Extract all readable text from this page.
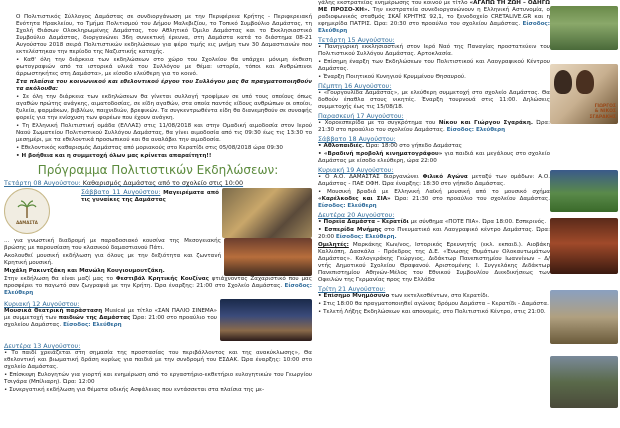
Ο Πολιτιστικός Σύλλογος Δαμάστας σε συνδιοργάνωση με την Περιφέρεια Κρήτης - Περιφερειακή Ενότητα Ηρακλείου, το Τμήμα Πολιτισμού του Δήμου Μαλεβιζίου, το Τοπικό Συμβούλιο Δαμάστας, τη Σχολή Θιάσων Ολοκληρωμένης Δαμάστας, τον Αθλητικό Όμιλο Δαμάστας και το Εκκλησιαστικό Συμβούλιο Δαμάστας, διοργανώνει 36η συνεκτική έρευνα, στη Δαμάστα κατά το διάστημα 08-21 Αυγούστου 2018 σειρά Πολιτιστικών εκδηλώσεων για φέρο τιμής εις μνήμη των 30 Δαμαστιανών που εκτελέστηκαν την περίοδο της Ναζιστικής κατοχής.

• Καθ' όλη την διάρκεια των εκδηλώσεων στο χώρο του Σχολείου θα υπάρχει μόνιμη έκθεση φωτογραφιών από τα ιστορικά υλικά του Συλλόγου με θέμα: ιστορία, τόποι και Ανθρώπινοι άρρωστηκήτες στη Δαμάστα», με είσοδο ελεύθερη για το κοινό.

Στα πλαίσια του κοινωνικού και εθελοντικού έργου του Συλλόγου μας θα πραγματοποιηθούν τα ακόλουθα:

• Σε όλη την διάρκεια των εκδηλώσεων θα γίνεται συλλογή τροφίμων σε υπό τους οποίους όπως αγαθών πρώτης ανάγκης, αιματοδοσίας, σε είδη αγαθών, στα οποία παντός είδους ανθρώπων οι οποίοι, ξυλεία, φαρμάκων, βιβλίων, παιχνιδιών, βρεφικών. Τα συγκεντρωθέντα είδη θα διανεμηθούν σε συναφής φορείς για την ενίσχυση των φορέων που έχουν ανάγκη.

• Τη Ελληνική Πολιτιστική ομάδα (ΕΛΛΑΣ) στις 11/08/2018 και στην Ομαδική αιμοδοσία στον Ιερού Ναού Σωματείου Πολιτιστικού Συλλόγου Δαμάστας, θα γίνει αιμοδοσία από τις 09:30 έως τις 13:30 το μεσημέρι, με τα εθελοντικά προσωπικού και θα αναλάβει την αιμοδοσία.

• Εθελοντικός καθαρισμός Δαμάστας από μοριακούς στο Κερατίδι στις 05/08/2018 ώρα 09:30

• Η βοήθεια και η συμμετοχή όλων μας κρίνεται απαραίτητη!!

Πρόγραμμα Πολιτιστικών Εκδηλώσεων:
Τετάρτη 08 Αυγούστου: Καθαρισμός Δαμάστας από το σχολείο στις 10:00
ΔΑΜΑΣΤΑ

Σάββατο 11 Αυγούστου: Μαγειρέματα από τις γυναίκες της Δαμάστας

... για γνωστική διαδρομή με παραδοσιακό κουσίνα της Μεσογειακής βρώσης με παρουσίαση του κλασικού δαμαστιανού Πάτι.

Ακολουθεί μουσική εκδήλωση για όλους με την δεξιότητα και ζωντανή Κρητική μουσική.

Μιχάλη Ρακιντζάκη και Μανώλη Κουγιουμουτζάκη.

Στην εκδήλωση θα είναι μαζί μας το Φεστιβάλ Κρητικής Κουζίνας φτιάχνοντας Ζαχαριστικό που μας προσφέρει το παγωτό σαν ζωγραφιά με την Κρήτη. Ώρα έναρξης: 21:00 στο Σχολείο Δαμάστας. Είσοδος: Ελεύθερη

Κυριακή 12 Αυγούστου:

Μουσικά Θεατρική παράσταση Musical με τίτλο «ΣΑΝ ΠΑΛΙΟ ΣΙΝΕΜΑ» με συμμετοχή των παιδιών της Δαμάστας Ώρα: 21:00 στο προαύλιο του σχολείου Δαμάστας. Είσοδος: Ελεύθερη

Δευτέρα 13 Αυγούστου:

• Το παιδί χρειάζεται στη σημασία της προστασίας του περιβάλλοντος και της ανακύκλωσης», Θα εθελοντική και βιωματική δράση κυρίως για παιδιά με την συνδρομή του ΕΣΔΑΚ. Ώρα έναρξης: 10:00 στο σχολείο Δαμάστας.

• Επίσκεψη Ευλογητών για γιορτή και ενημέρωση από το εργαστήριο-εκθετήριο ευλογητικών του Γεωργίου Τσιγάρα (Μπίλιαρη). Ώρα: 12:00

• Συνεργατική εκδήλωση για θέματα οδικής Ασφάλειας που εντάσσεται στα πλαίσια της με-

γάλης εκστρατείας ενημέρωσης του κοινού με τίτλο «ΑΓΑΠΩ ΤΗ ΖΩΗ – ΟΔΗΓΩ ΜΕ ΠΡΟΣΟ-ΧΗ». Την εκστρατεία συνεδιοργανώνουν η Ελληνική Αστυνομία, ο ραδιοφωνικός σταθμός ΣΚΑΪ ΚΡΗΤΗΣ 92,1, το ξενοδοχείο CRETALIVE.GR και η εφημερίδα ΠΑΤΡΙΣ. Ώρα: 20:30 στο προαύλιο του σχολείου Δαμάστας. Είσοδος: Ελεύθερη

Τετάρτη 15 Αυγούστου:

• Πανηγυρική εκκλησιαστική στον Ιερό Ναό της Παναγίας προστατεύειν του Πολιτιστικού Συλλόγου Δαμάστας. Αρτοκλασία.

• Επίσημη έναρξη των Εκδηλώσεων του Πολιτιστικού και Λαογραφικού Κέντρου Δαμάστας.

• Έναρξη Ποιητικού Κυνηγιού Κρυμμένου Θησαυρού.

Πέμπτη 16 Αυγούστου:

• «Γουργουλίδα Δαμάστας», με ελεύθερη συμμετοχή στο σχολείο Δαμάστας. Θα δοθούν έπαθλα στους νικητές. Έναρξη τουρνουά στις 11:00. Δηλώσεις συμμετοχής έως τις 15/08/18.

Παρασκευή 17 Αυγούστου:

• Χοροεσπερίδα με το συγκρότημα του Νίκου και Γιώργου Σγαράκη. Ώρα: 21:30 στο προαύλιο του σχολείου Δαμάστας. Είσοδος: Ελεύθερη

Σάββατο 18 Αυγούστου:

• Αθλοπαιδιές. Ώρα: 18:00 στο γήπεδο Δαμάστας

• «Βραδινή προβολή κινηματογράφου» για παιδιά και μεγάλους στο σχολείο Δαμάστας με είσοδο ελεύθερη, ώρα 22:00

Κυριακή 19 Αυγούστου:

• Ο Α.Ο. ΔΑΜΑΣΤΑΣ διοργανώνει Φιλικό Αγώνα μεταξύ των ομάδων: Α.Ο. Δαμάστας - ΠΑΕ ΟΦΗ. Ώρα έναρξης: 18:30 στο γήπεδο Δαμάστας.

• Μουσική βραδιά με Ελληνική Λαϊκή μουσική από το μουσικό σχήμα «Καρέλκοδες και ΣΙΑ» Ώρα: 21:30 στο προαύλιο του σχολείου Δαμάστας. Είσοδος: Ελεύθερη

Δευτέρα 20 Αυγούστου:

• Πορεία Δαμάστα – Κερατίδι με σύνθημα «ΠΟΤΕ ΠΙΑ». Ώρα 18:00. Εσπερινός.

• Εσπερίδα Μνήμης στο Πνευματικό και Λαογραφικό κέντρο Δαμάστας. Ώρα: 20:00 Είσοδος: Ελεύθερη.

Ομιλητές: Μαρκάκης Κων/νος, Ιστορικός Ερευνητής (εκλ. εκπαιδ.). Αιοβάκη Καλλιόπη, Δασκάλα · Πρόεδρος της Δ.Ε. «Ένωσης Θυμάτων Ολοκαυτωμάτων Δαμάστας». Καλογεράκης Γεώργιος, Διδάκτωρ Πανεπιστημίου Ιωαννίνων – Δ/ντής Δημοτικού Σχολείου Θραψανού. Αριστομένης Ι. Συγγελάκης Διδάκτωρ Πανεπιστημίου Αθηνών-Μέλος του Εθνικού Συμβουλίου Διεκδικήσεως των Οφειλών της Γερμανίας προς την Ελλάδα

Τρίτη 21 Αυγούστου:

• Επίσημο Μνημόσυνο των εκτελεσθέντων, στο Κερατίδι.

• Στις 18:00 θα πραγματοποιηθεί αγώνας δρόμου Δαμάστα – Κερατίδι - Δαμάστα.

• Τελετή Λήξης Εκδηλώσεων και απονομές, στο Πολιτιστικό Κέντρο, στις 21:00.

ΓΙΩΡΓΟΣ
& ΝΙΚΟΣ
ΣΓΑΡΑΚΗΣ
